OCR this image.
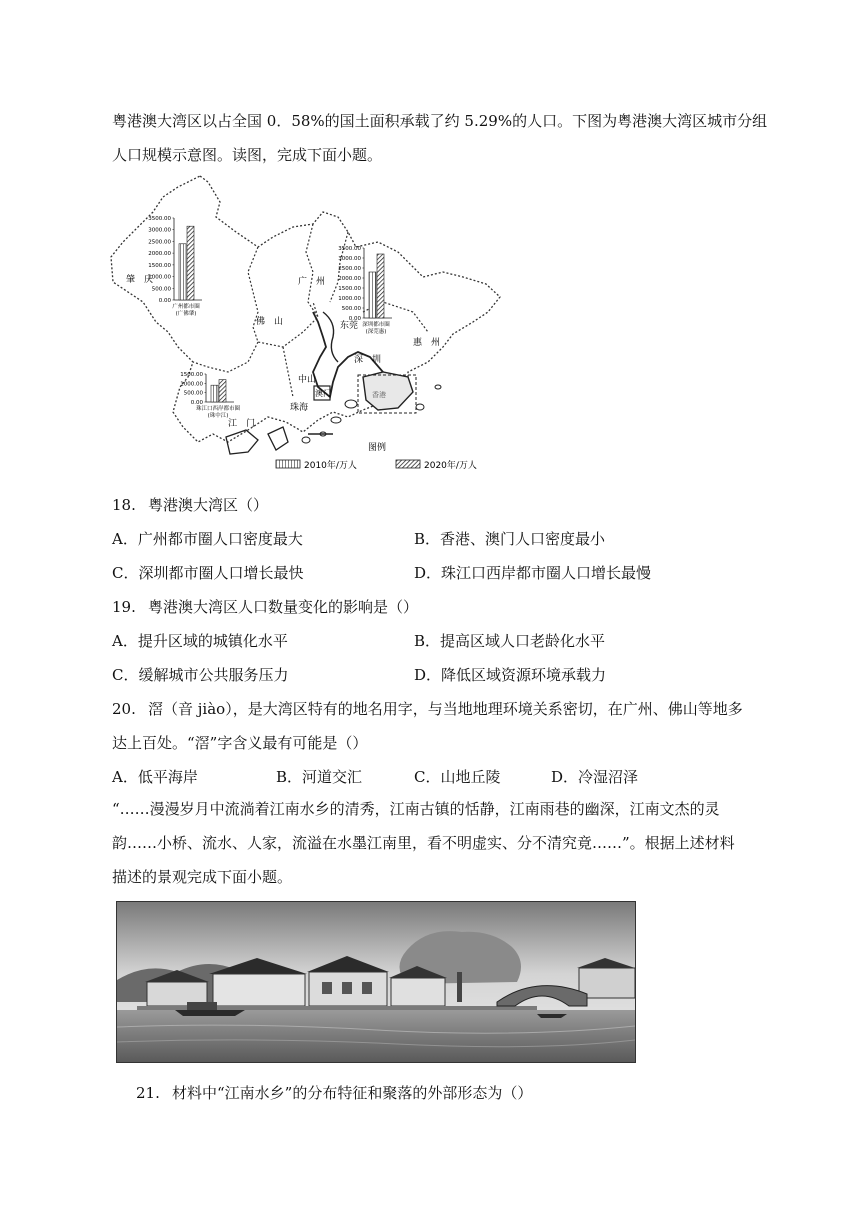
粤港澳大湾区以占全国 0．58%的国土面积承载了约 5.29%的人口。下图为粤港澳大湾区城市分组
人口规模示意图。读图，完成下面小题。
肇　庆	广　州
佛　山	东莞
惠　州
深　圳
中山
澳门
珠海
江　门
香港
3500.00
3000.00
2500.00
2000.00
1500.00
1000.00
500.00
0.00
广州都市圈
(广佛肇)
3500.00
3000.00
2500.00
2000.00
1500.00
1000.00
500.00
0.00
深圳都市圈
(深莞惠)
1500.00
1000.00
500.00
0.00
珠江口西岸都市圈
(珠中江)
图例
2010年/万人	2020年/万人
18. 粤港澳大湾区（）
A．广州都市圈人口密度最大	B．香港、澳门人口密度最小
C．深圳都市圈人口增长最快	D．珠江口西岸都市圈人口增长最慢
19. 粤港澳大湾区人口数量变化的影响是（）
A．提升区域的城镇化水平	B．提高区域人口老龄化水平
C．缓解城市公共服务压力	D．降低区域资源环境承载力
20. 滘（音 jiào），是大湾区特有的地名用字，与当地地理环境关系密切，在广州、佛山等地多
达上百处。“滘”字含义最有可能是（）
A．低平海岸	B．河道交汇	C．山地丘陵	D．冷湿沼泽
“……漫漫岁月中流淌着江南水乡的清秀，江南古镇的恬静，江南雨巷的幽深，江南文杰的灵
韵……小桥、流水、人家，流溢在水墨江南里，看不明虚实、分不清究竟……”。根据上述材料
描述的景观完成下面小题。
21. 材料中“江南水乡”的分布特征和聚落的外部形态为（）
